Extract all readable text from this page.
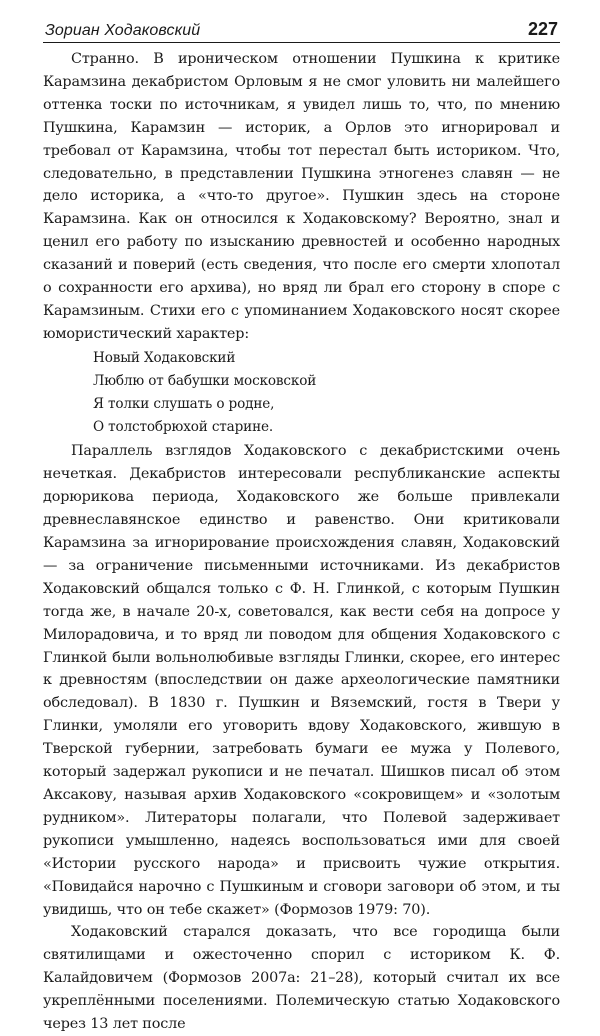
Зориан Ходаковский	227

Странно. В ироническом отношении Пушкина к критике Карамзина декабристом Орловым я не смог уловить ни малейшего оттенка тоски по источникам, я увидел лишь то, что, по мнению Пушкина, Карамзин — историк, а Орлов это игнорировал и требовал от Карамзина, чтобы тот перестал быть историком. Что, следовательно, в представлении Пушкина этногенез славян — не дело историка, а «что-то другое». Пушкин здесь на стороне Карамзина. Как он относился к Ходаковскому? Вероятно, знал и ценил его работу по изысканию древностей и особенно народных сказаний и поверий (есть сведения, что после его смерти хлопотал о сохранности его архива), но вряд ли брал его сторону в споре с Карамзиным. Стихи его с упоминанием Ходаковского носят скорее юмористический характер:

Новый Ходаковский
Люблю от бабушки московской
Я толки слушать о родне,
О толстобрюхой старине.

Параллель взглядов Ходаковского с декабристскими очень нечеткая. Декабристов интересовали республиканские аспекты дорюрикова периода, Ходаковского же больше привлекали древнеславянское единство и равенство. Они критиковали Карамзина за игнорирование происхождения славян, Ходаковский — за ограничение письменными источниками. Из декабристов Ходаковский общался только с Ф. Н. Глинкой, с которым Пушкин тогда же, в начале 20-х, советовался, как вести себя на допросе у Милорадовича, и то вряд ли поводом для общения Ходаковского с Глинкой были вольнолюбивые взгляды Глинки, скорее, его интерес к древностям (впоследствии он даже археологические памятники обследовал). В 1830 г. Пушкин и Вяземский, гостя в Твери у Глинки, умоляли его уговорить вдову Ходаковского, жившую в Тверской губернии, затребовать бумаги ее мужа у Полевого, который задержал рукописи и не печатал. Шишков писал об этом Аксакову, называя архив Ходаковского «сокровищем» и «золотым рудником». Литераторы полагали, что Полевой задерживает рукописи умышленно, надеясь воспользоваться ими для своей «Истории русского народа» и присвоить чужие открытия. «Повидайся нарочно с Пушкиным и сговори заговори об этом, и ты увидишь, что он тебе скажет» (Формозов 1979: 70).

Ходаковский старался доказать, что все городища были святилищами и ожесточенно спорил с историком К. Ф. Калайдовичем (Формозов 2007а: 21–28), который считал их все укреплёнными поселениями. Полемическую статью Ходаковского через 13 лет после
